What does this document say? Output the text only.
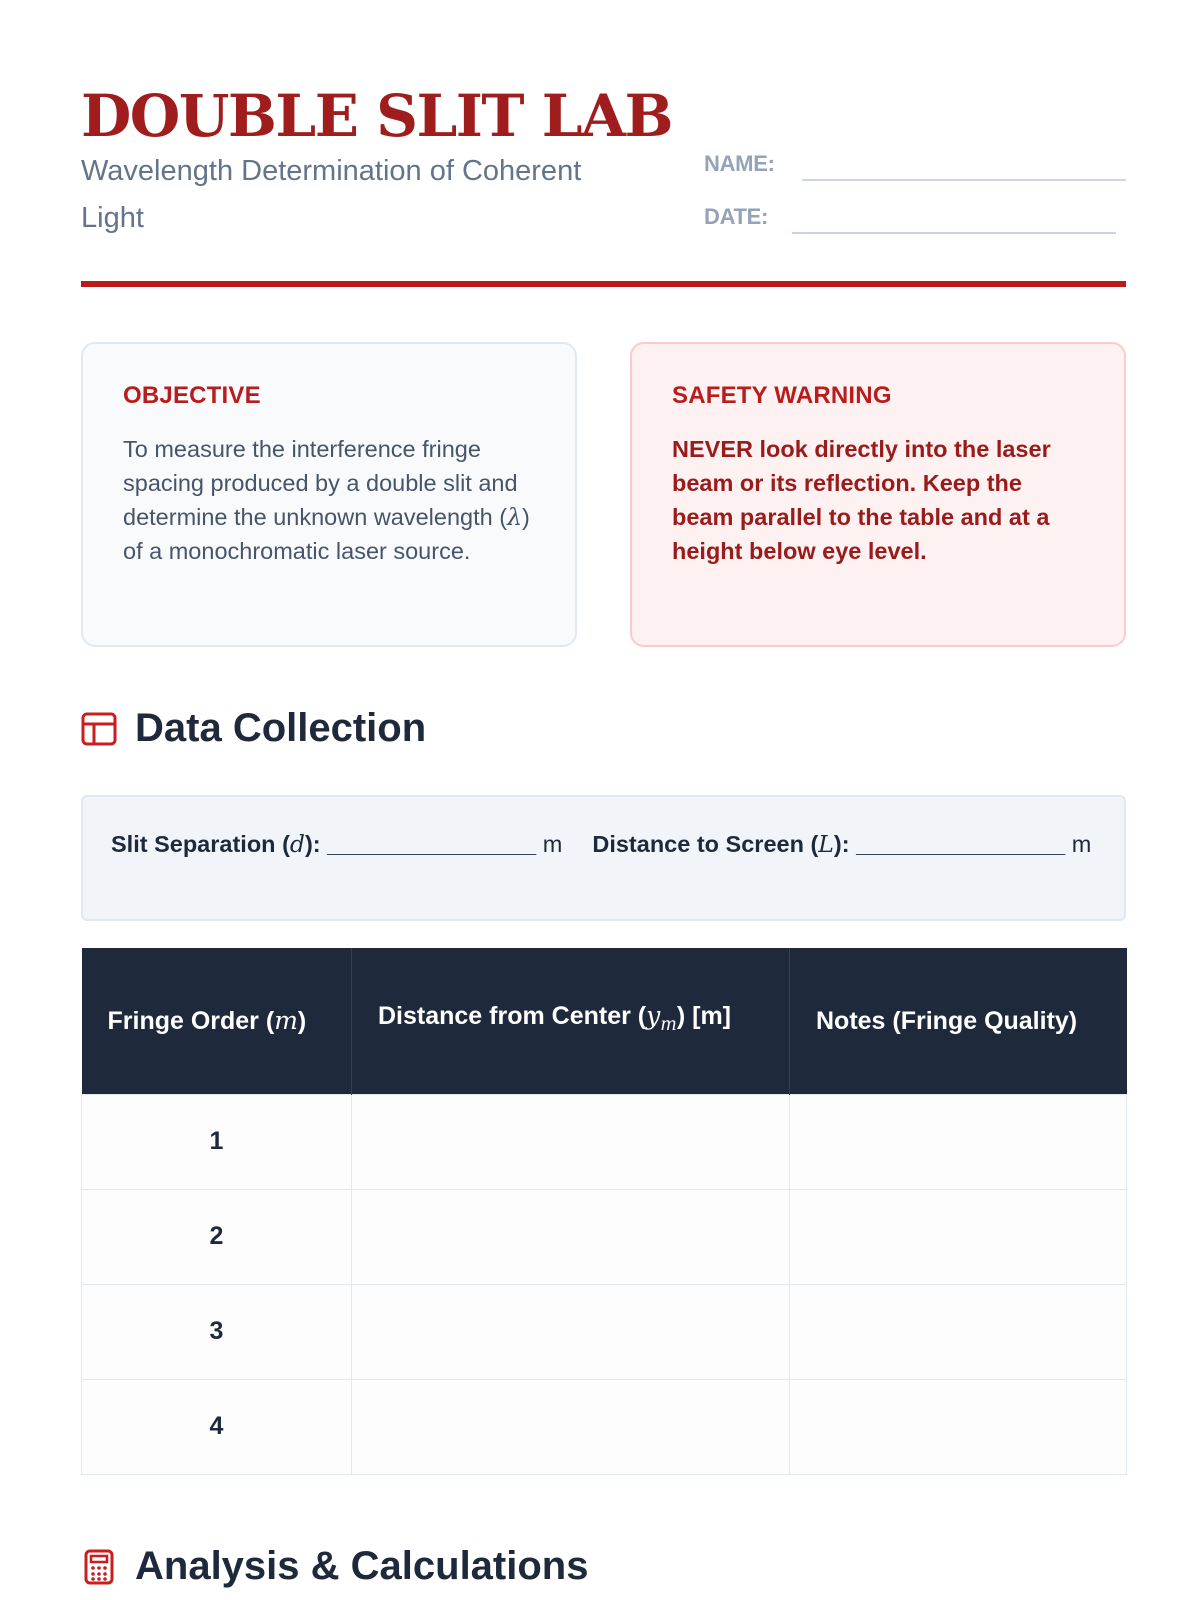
DOUBLE SLIT LAB

Wavelength Determination of Coherent Light

NAME:
DATE:
OBJECTIVE

To measure the interference fringe spacing produced by a double slit and determine the unknown wavelength (λ) of a monochromatic laser source.

SAFETY WARNING

NEVER look directly into the laser beam or its reflection. Keep the beam parallel to the table and at a height below eye level.

Data Collection
Slit Separation (d): ________________ m Distance to Screen (L): ________________ m
Fringe Order (m)	Distance from Center $(y_m)$ [m]	Notes (Fringe Quality)
1		
2		
3		
4		
Analysis & Calculations
